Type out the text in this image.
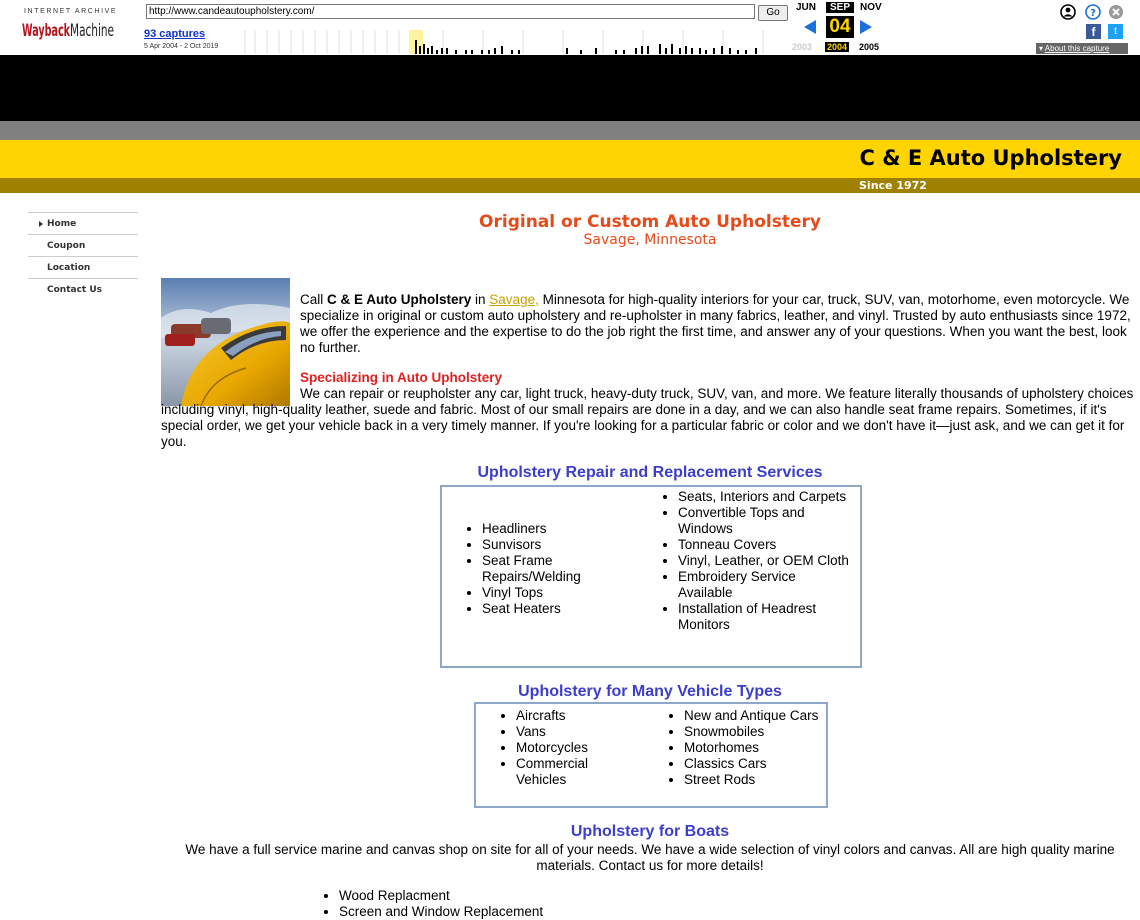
INTERNET ARCHIVE
Wayback Machine
http://www.candeautoupholstery.com/	Go
93 captures
5 Apr 2004 - 2 Oct 2019
JUN	SEP	NOV
04
2003 2004 2005
?
f	t
▾ About this capture
C & E Auto Upholstery
Since 1972
Home
Coupon
Location
Contact Us
Original or Custom Auto Upholstery
Savage, Minnesota
Call C & E Auto Upholstery in Savage, Minnesota for high-quality interiors for your car, truck, SUV, van, motorhome, even motorcycle. We specialize in original or custom auto upholstery and re-upholster in many fabrics, leather, and vinyl. Trusted by auto enthusiasts since 1972, we offer the experience and the expertise to do the job right the first time, and answer any of your questions. When you want the best, look no further.
Specializing in Auto Upholstery
We can repair or reupholster any car, light truck, heavy-duty truck, SUV, van, and more. We feature literally thousands of upholstery choices including vinyl, high-quality leather, suede and fabric. Most of our small repairs are done in a day, and we can also handle seat frame repairs. Sometimes, if it's special order, we get your vehicle back in a very timely manner. If you're looking for a particular fabric or color and we don't have it—just ask, and we can get it for you.
Upholstery Repair and Replacement Services
• Headliners
• Sunvisors
• Seat Frame Repairs/Welding
• Vinyl Tops
• Seat Heaters
• Seats, Interiors and Carpets
• Convertible Tops and Windows
• Tonneau Covers
• Vinyl, Leather, or OEM Cloth
• Embroidery Service Available
• Installation of Headrest Monitors
Upholstery for Many Vehicle Types
• Aircrafts
• Vans
• Motorcycles
• Commercial Vehicles
• New and Antique Cars
• Snowmobiles
• Motorhomes
• Classics Cars
• Street Rods
Upholstery for Boats
We have a full service marine and canvas shop on site for all of your needs. We have a wide selection of vinyl colors and canvas. All are high quality marine materials. Contact us for more details!
• Wood Replacment
• Screen and Window Replacement
